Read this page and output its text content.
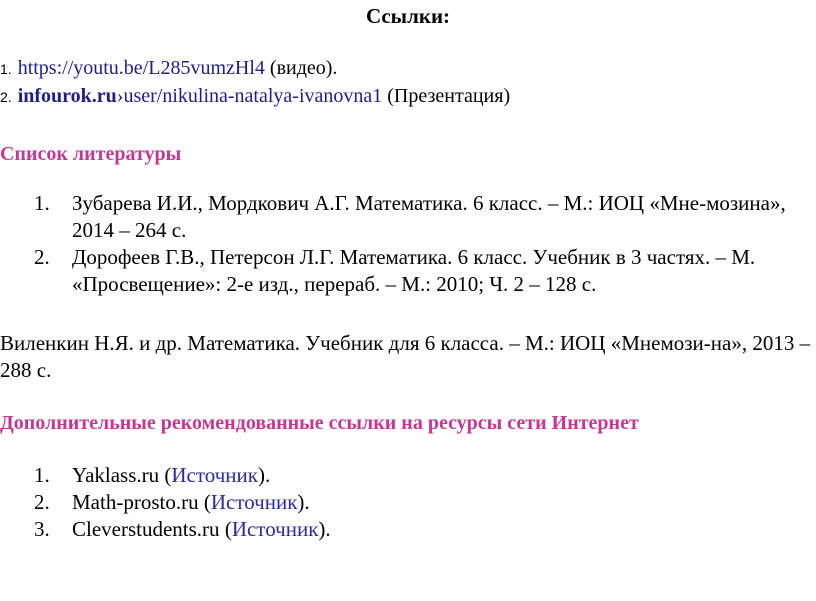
Ссылки:
1. https://youtu.be/L285vumzHl4 (видео).
2. infourok.ru›user/nikulina-natalya-ivanovna1 (Презентация)
Список литературы
1. Зубарева И.И., Мордкович А.Г. Математика. 6 класс. – М.: ИОЦ «Мне-мозина», 2014 – 264 с.
2. Дорофеев Г.В., Петерсон Л.Г. Математика. 6 класс. Учебник в 3 частях. – М. «Просвещение»: 2-е изд., перераб. – М.: 2010; Ч. 2 – 128 с.

Виленкин Н.Я. и др. Математика. Учебник для 6 класса. – М.: ИОЦ «Мнемози-на», 2013 – 288 с.

Дополнительные рекомендованные ссылки на ресурсы сети Интернет
1. Yaklass.ru (Источник).
2. Math-prosto.ru (Источник).
3. Cleverstudents.ru (Источник).
